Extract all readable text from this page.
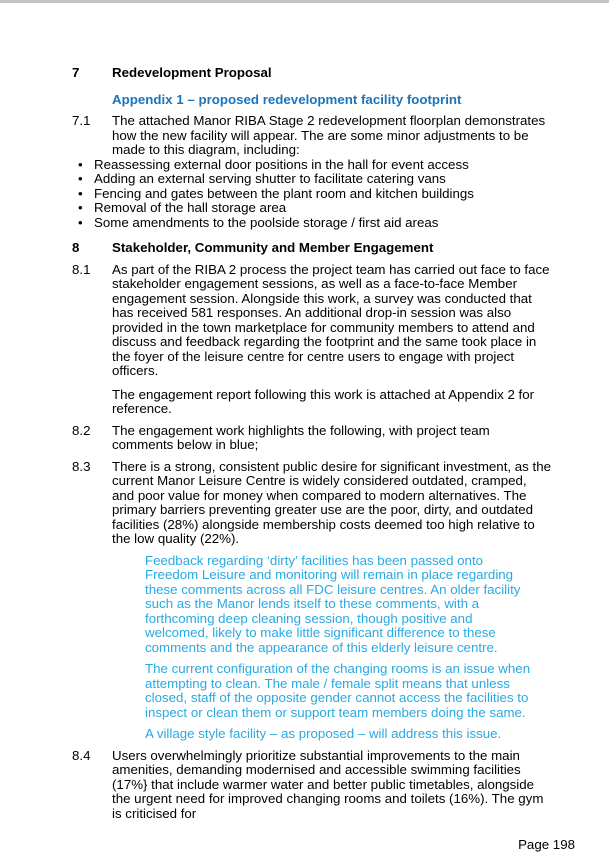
7	Redevelopment Proposal
Appendix 1 – proposed redevelopment facility footprint
7.1	The attached Manor RIBA Stage 2 redevelopment floorplan demonstrates how the new facility will appear. The are some minor adjustments to be made to this diagram, including:
• Reassessing external door positions in the hall for event access
• Adding an external serving shutter to facilitate catering vans
• Fencing and gates between the plant room and kitchen buildings
• Removal of the hall storage area
• Some amendments to the poolside storage / first aid areas
8	Stakeholder, Community and Member Engagement
8.1	As part of the RIBA 2 process the project team has carried out face to face stakeholder engagement sessions, as well as a face-to-face Member engagement session. Alongside this work, a survey was conducted that has received 581 responses. An additional drop-in session was also provided in the town marketplace for community members to attend and discuss and feedback regarding the footprint and the same took place in the foyer of the leisure centre for centre users to engage with project officers.
The engagement report following this work is attached at Appendix 2 for reference.
8.2	The engagement work highlights the following, with project team comments below in blue;
8.3	There is a strong, consistent public desire for significant investment, as the current Manor Leisure Centre is widely considered outdated, cramped, and poor value for money when compared to modern alternatives. The primary barriers preventing greater use are the poor, dirty, and outdated facilities (28%) alongside membership costs deemed too high relative to the low quality (22%).
Feedback regarding ‘dirty’ facilities has been passed onto Freedom Leisure and monitoring will remain in place regarding these comments across all FDC leisure centres. An older facility such as the Manor lends itself to these comments, with a forthcoming deep cleaning session, though positive and welcomed, likely to make little significant difference to these comments and the appearance of this elderly leisure centre.
The current configuration of the changing rooms is an issue when attempting to clean. The male / female split means that unless closed, staff of the opposite gender cannot access the facilities to inspect or clean them or support team members doing the same.
A village style facility – as proposed – will address this issue.
8.4	Users overwhelmingly prioritize substantial improvements to the main amenities, demanding modernised and accessible swimming facilities (17%} that include warmer water and better public timetables, alongside the urgent need for improved changing rooms and toilets (16%). The gym is criticised for
Page 198
